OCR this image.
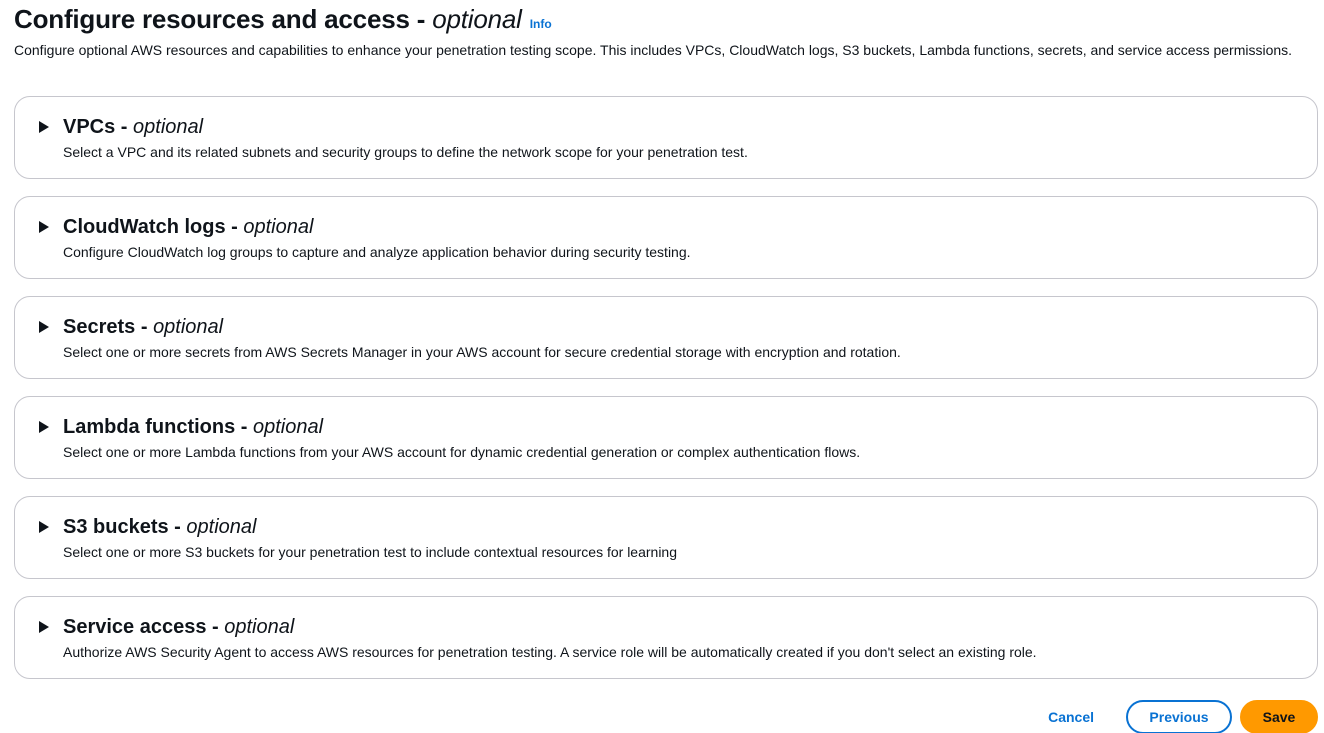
Configure resources and access - optional Info
Configure optional AWS resources and capabilities to enhance your penetration testing scope. This includes VPCs, CloudWatch logs, S3 buckets, Lambda functions, secrets, and service access permissions.
VPCs - optional
Select a VPC and its related subnets and security groups to define the network scope for your penetration test.
CloudWatch logs - optional
Configure CloudWatch log groups to capture and analyze application behavior during security testing.
Secrets - optional
Select one or more secrets from AWS Secrets Manager in your AWS account for secure credential storage with encryption and rotation.
Lambda functions - optional
Select one or more Lambda functions from your AWS account for dynamic credential generation or complex authentication flows.
S3 buckets - optional
Select one or more S3 buckets for your penetration test to include contextual resources for learning
Service access - optional
Authorize AWS Security Agent to access AWS resources for penetration testing. A service role will be automatically created if you don't select an existing role.
Cancel	Previous	Save
